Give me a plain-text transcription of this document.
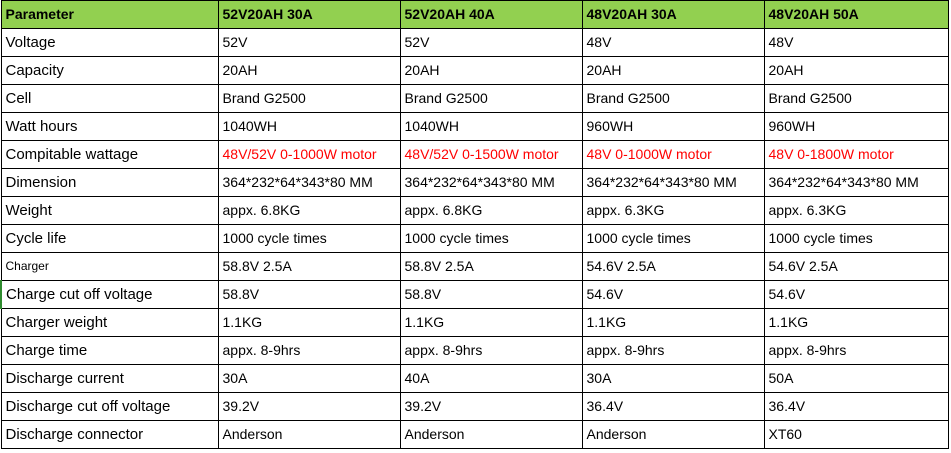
Parameter	52V20AH 30A	52V20AH 40A	48V20AH 30A	48V20AH 50A
Voltage	52V	52V	48V	48V
Capacity	20AH	20AH	20AH	20AH
Cell	Brand G2500	Brand G2500	Brand G2500	Brand G2500
Watt hours	1040WH	1040WH	960WH	960WH
Compitable wattage	48V/52V 0-1000W motor	48V/52V 0-1500W motor	48V 0-1000W motor	48V 0-1800W motor
Dimension	364*232*64*343*80 MM	364*232*64*343*80 MM	364*232*64*343*80 MM	364*232*64*343*80 MM
Weight	appx. 6.8KG	appx. 6.8KG	appx. 6.3KG	appx. 6.3KG
Cycle life	1000 cycle times	1000 cycle times	1000 cycle times	1000 cycle times
Charger	58.8V 2.5A	58.8V 2.5A	54.6V 2.5A	54.6V 2.5A
Charge cut off voltage	58.8V	58.8V	54.6V	54.6V
Charger weight	1.1KG	1.1KG	1.1KG	1.1KG
Charge time	appx. 8-9hrs	appx. 8-9hrs	appx. 8-9hrs	appx. 8-9hrs
Discharge current	30A	40A	30A	50A
Discharge cut off voltage	39.2V	39.2V	36.4V	36.4V
Discharge connector	Anderson	Anderson	Anderson	XT60
